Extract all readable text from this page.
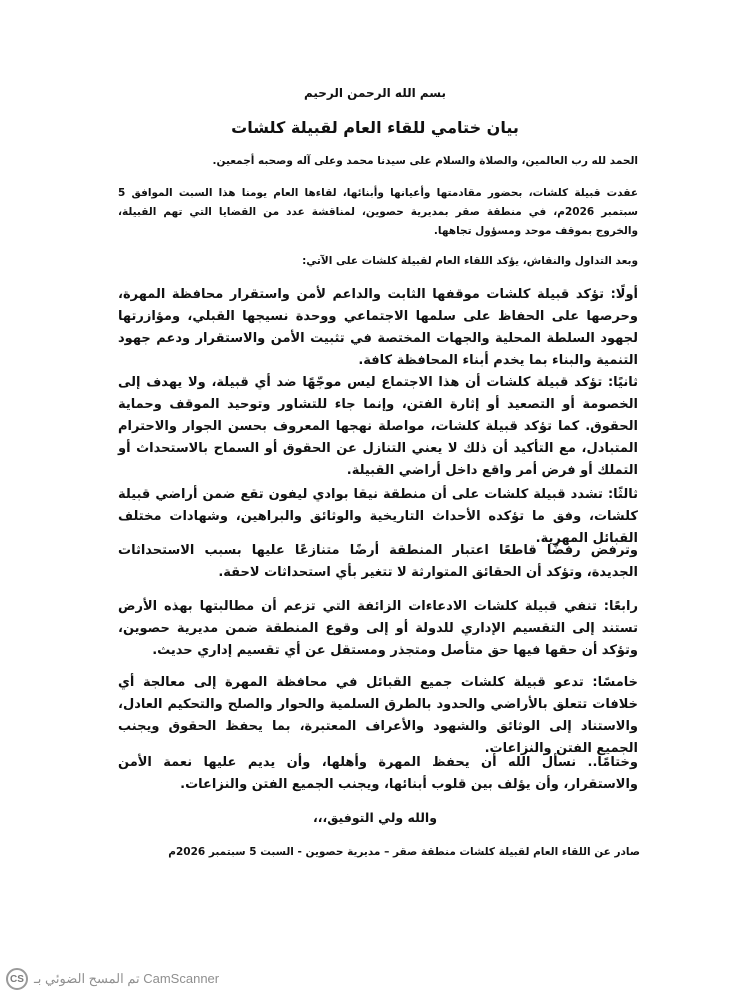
بسم الله الرحمن الرحيم
بيان ختامي للقاء العام لقبيلة كلشات

الحمد لله رب العالمين، والصلاة والسلام على سيدنا محمد وعلى آله وصحبه أجمعين.

عقدت قبيلة كلشات، بحضور مقادمتها وأعيانها وأبنائها، لقاءها العام يومنا هذا السبت الموافق 5 سبتمبر 2026م، في منطقة صقر بمديرية حصوين، لمناقشة عدد من القضايا التي تهم القبيلة، والخروج بموقف موحد ومسؤول تجاهها.

وبعد التداول والنقاش، يؤكد اللقاء العام لقبيلة كلشات على الآتي:

أولًا: تؤكد قبيلة كلشات موقفها الثابت والداعم لأمن واستقرار محافظة المهرة، وحرصها على الحفاظ على سلمها الاجتماعي ووحدة نسيجها القبلي، ومؤازرتها لجهود السلطة المحلية والجهات المختصة في تثبيت الأمن والاستقرار ودعم جهود التنمية والبناء بما يخدم أبناء المحافظة كافة.

ثانيًا: تؤكد قبيلة كلشات أن هذا الاجتماع ليس موجّهًا ضد أي قبيلة، ولا يهدف إلى الخصومة أو التصعيد أو إثارة الفتن، وإنما جاء للتشاور وتوحيد الموقف وحماية الحقوق. كما تؤكد قبيلة كلشات، مواصلة نهجها المعروف بحسن الجوار والاحترام المتبادل، مع التأكيد أن ذلك لا يعني التنازل عن الحقوق أو السماح بالاستحداث أو التملك أو فرض أمر واقع داخل أراضي القبيلة.

ثالثًا: تشدد قبيلة كلشات على أن منطقة نيقا بوادي ليفون تقع ضمن أراضي قبيلة كلشات، وفق ما تؤكده الأحداث التاريخية والوثائق والبراهين، وشهادات مختلف القبائل المهرية.

وترفض رفضًا قاطعًا اعتبار المنطقة أرضًا متنازعًا عليها بسبب الاستحداثات الجديدة، وتؤكد أن الحقائق المتوارثة لا تتغير بأي استحداثات لاحقة.

رابعًا: تنفي قبيلة كلشات الادعاءات الزائفة التي تزعم أن مطالبتها بهذه الأرض تستند إلى التقسيم الإداري للدولة أو إلى وقوع المنطقة ضمن مديرية حصوين، وتؤكد أن حقها فيها حق متأصل ومتجذر ومستقل عن أي تقسيم إداري حديث.

خامسًا: تدعو قبيلة كلشات جميع القبائل في محافظة المهرة إلى معالجة أي خلافات تتعلق بالأراضي والحدود بالطرق السلمية والحوار والصلح والتحكيم العادل، والاستناد إلى الوثائق والشهود والأعراف المعتبرة، بما يحفظ الحقوق ويجنب الجميع الفتن والنزاعات.

وختامًا.. نسأل الله أن يحفظ المهرة وأهلها، وأن يديم عليها نعمة الأمن والاستقرار، وأن يؤلف بين قلوب أبنائها، ويجنب الجميع الفتن والنزاعات.

والله ولي التوفيق،،،
صادر عن اللقاء العام لقبيلة كلشات منطقة صقر – مديرية حصوين - السبت 5 سبتمبر 2026م
CS تم المسح الضوئي بـ CamScanner
